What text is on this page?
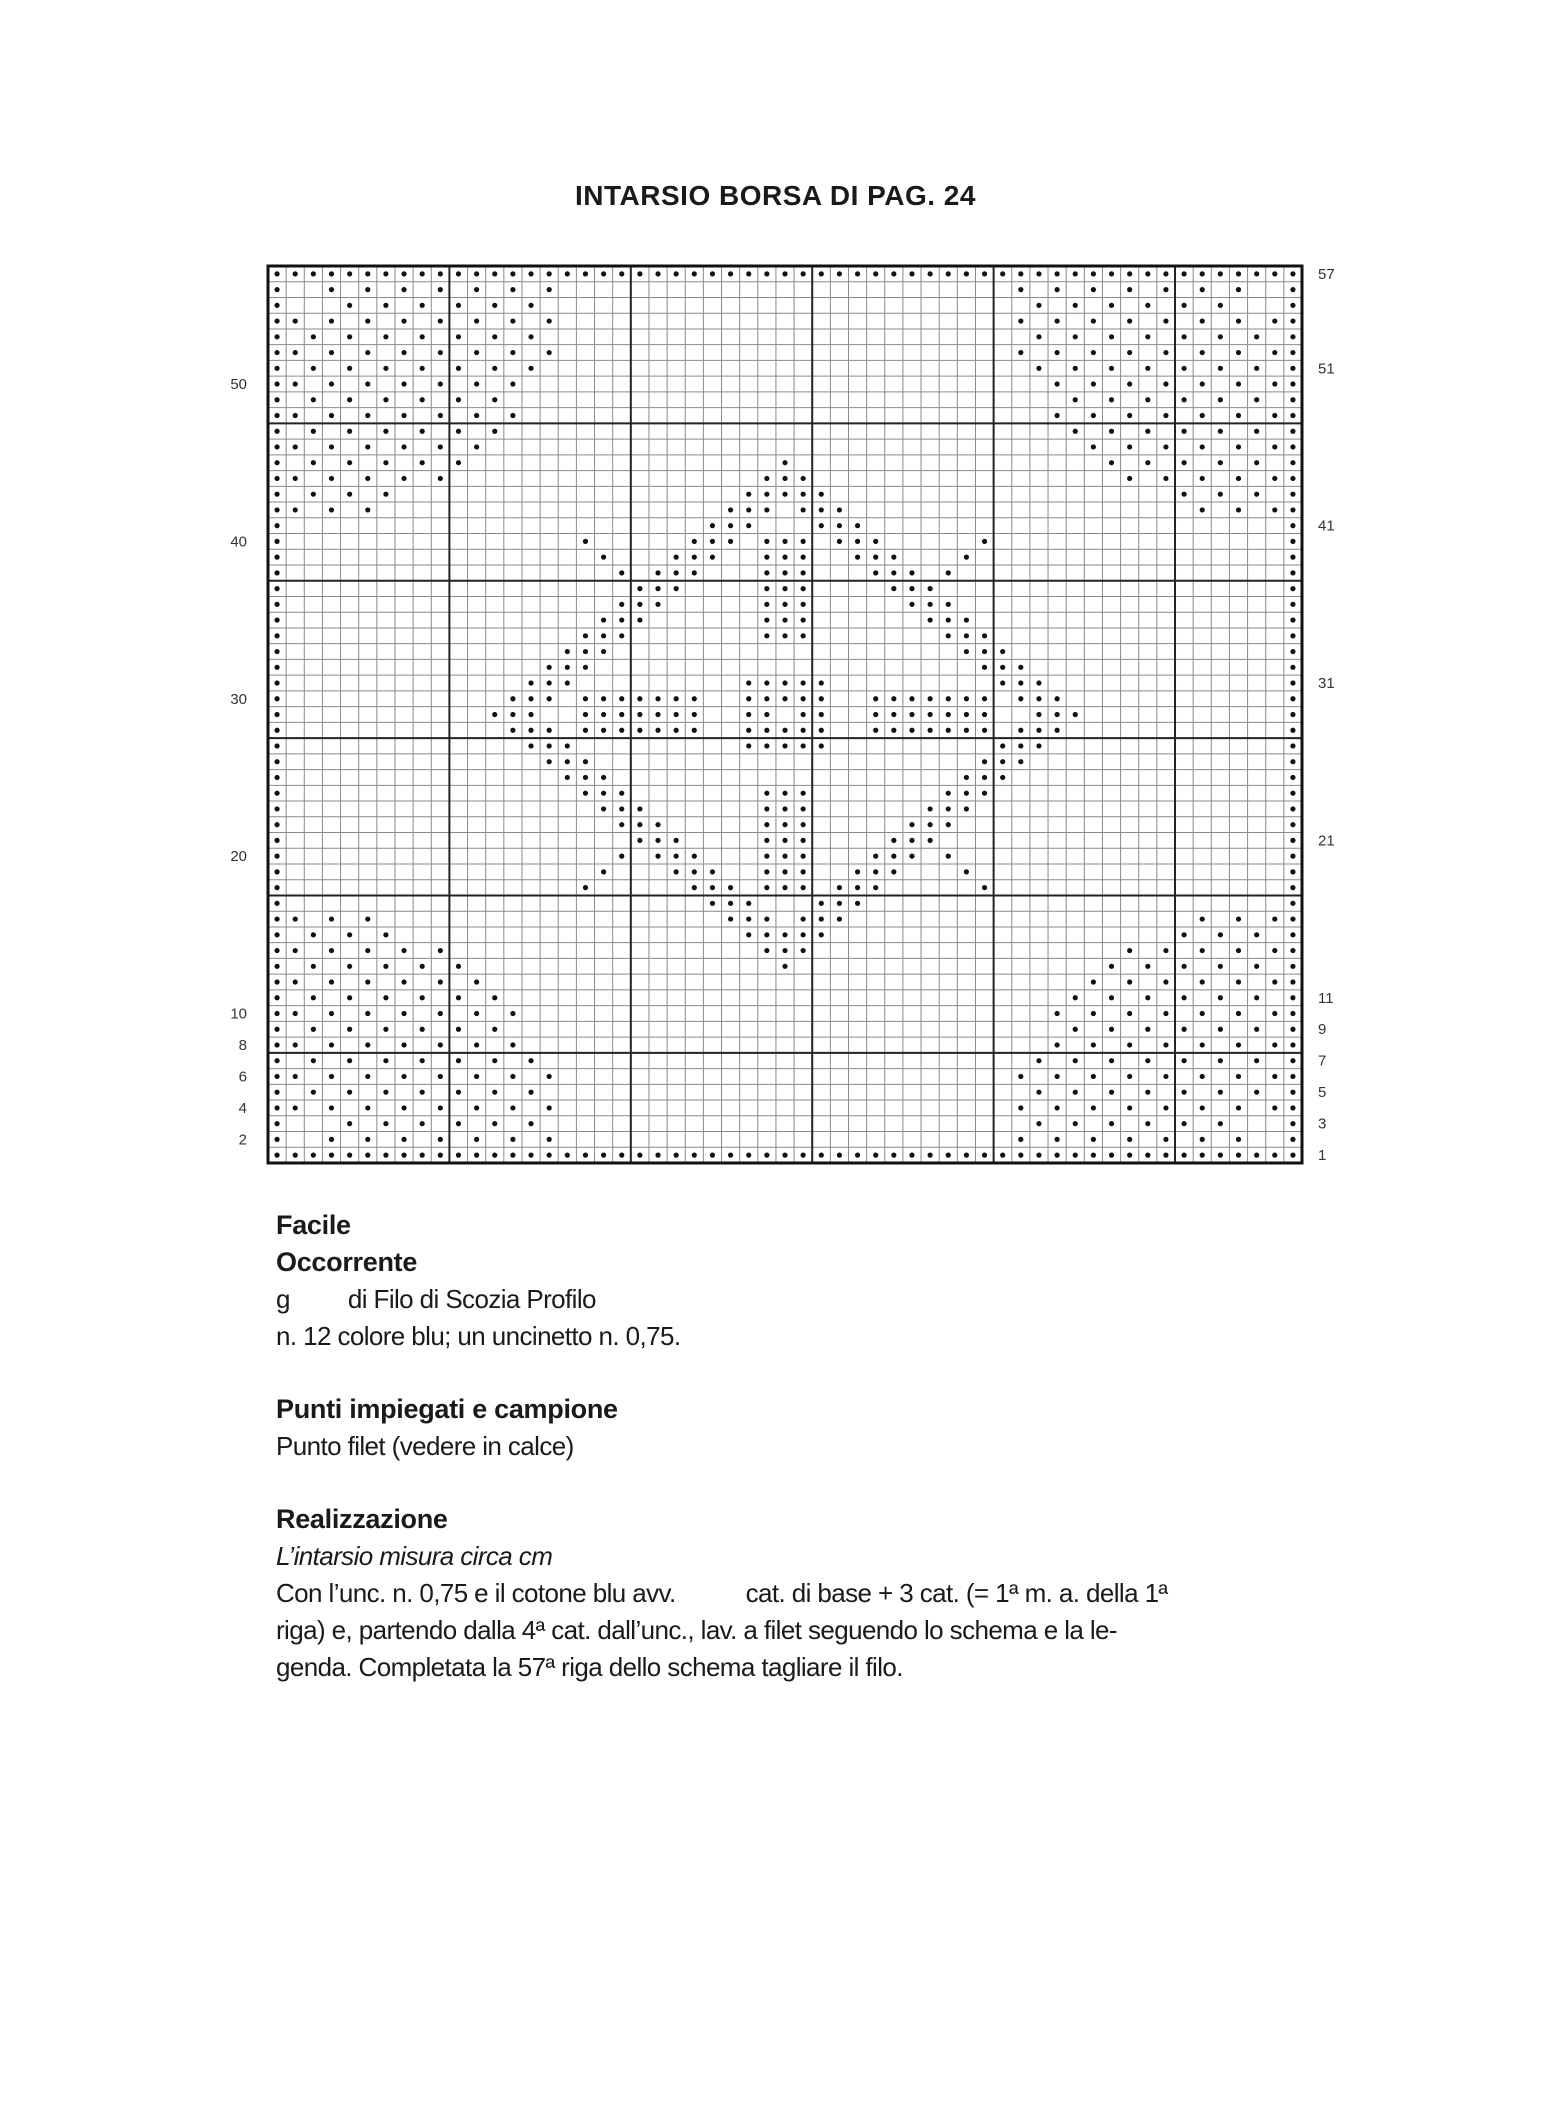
INTARSIO BORSA DI PAG. 24
50
40
30
20
10
8
6
4
2
57
51
41
31
21
11
9
7
5
3
1
Facile
Occorrente
g di Filo di Scozia Profilo
n. 12 colore blu; un uncinetto n. 0,75.
Punti impiegati e campione
Punto filet (vedere in calce)
Realizzazione
L’intarsio misura circa cm
Con l’unc. n. 0,75 e il cotone blu avv.	cat. di base + 3 cat. (= 1ª m. a. della 1ª
riga) e, partendo dalla 4ª cat. dall’unc., lav. a filet seguendo lo schema e la le-
genda. Completata la 57ª riga dello schema tagliare il filo.
